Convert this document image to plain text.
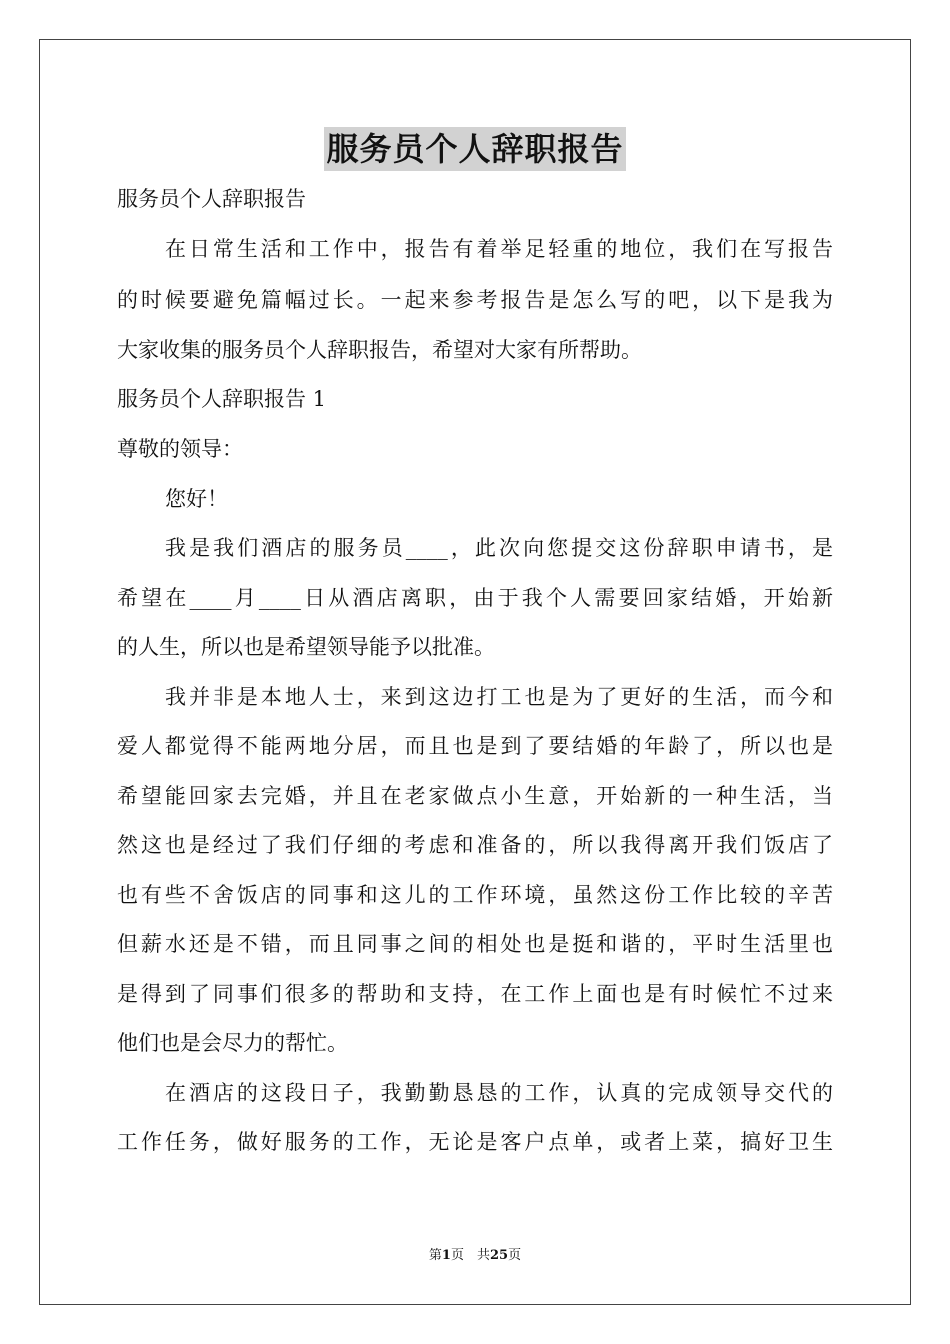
服务员个人辞职报告
服务员个人辞职报告
在日常生活和工作中，报告有着举足轻重的地位，我们在写报告
的时候要避免篇幅过长。一起来参考报告是怎么写的吧，以下是我为
大家收集的服务员个人辞职报告，希望对大家有所帮助。
服务员个人辞职报告 1
尊敬的领导：
您好！
我是我们酒店的服务员____，此次向您提交这份辞职申请书，是
希望在____月____日从酒店离职，由于我个人需要回家结婚，开始新
的人生，所以也是希望领导能予以批准。
我并非是本地人士，来到这边打工也是为了更好的生活，而今和
爱人都觉得不能两地分居，而且也是到了要结婚的年龄了，所以也是
希望能回家去完婚，并且在老家做点小生意，开始新的一种生活，当
然这也是经过了我们仔细的考虑和准备的，所以我得离开我们饭店了
也有些不舍饭店的同事和这儿的工作环境，虽然这份工作比较的辛苦
但薪水还是不错，而且同事之间的相处也是挺和谐的，平时生活里也
是得到了同事们很多的帮助和支持，在工作上面也是有时候忙不过来
他们也是会尽力的帮忙。
在酒店的这段日子，我勤勤恳恳的工作，认真的完成领导交代的
工作任务，做好服务的工作，无论是客户点单，或者上菜，搞好卫生
第1页　共25页
